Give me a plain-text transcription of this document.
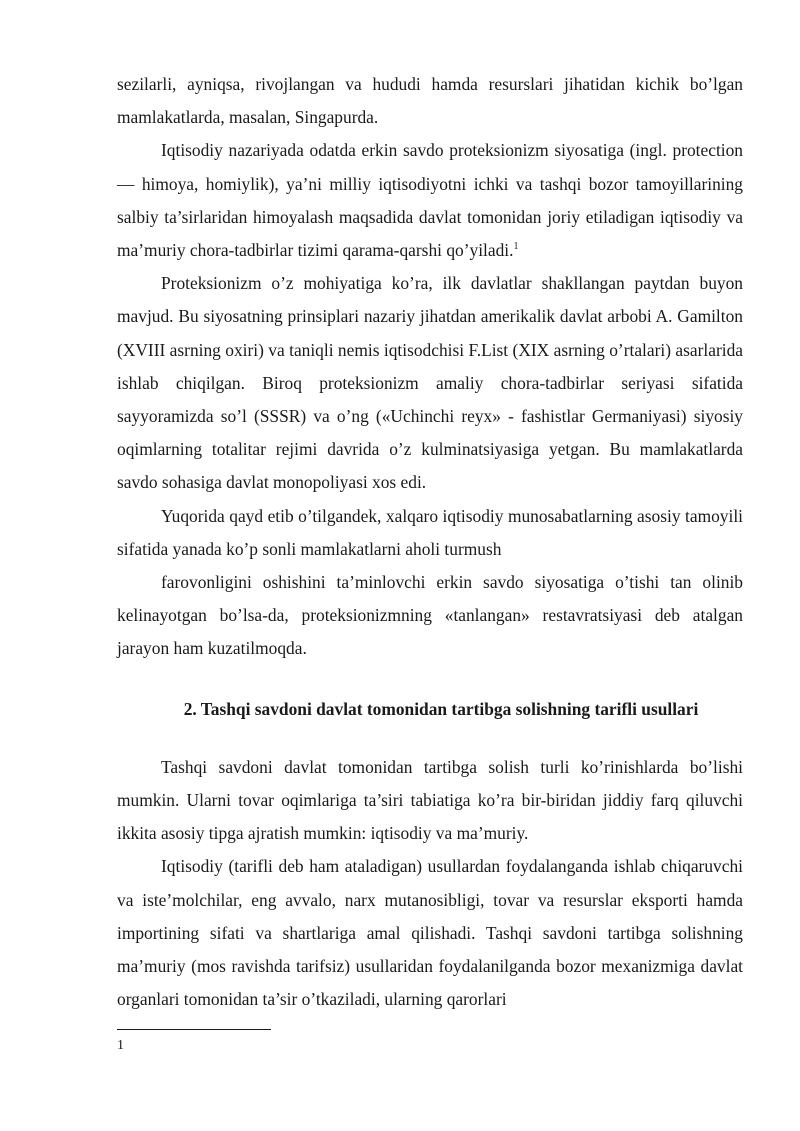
sezilarli, ayniqsa, rivojlangan va hududi hamda resurslari jihatidan kichik bo’lgan mamlakatlarda, masalan, Singapurda.

Iqtisodiy nazariyada odatda erkin savdo proteksionizm siyosatiga (ingl. protection — himoya, homiylik), ya’ni milliy iqtisodiyotni ichki va tashqi bozor tamoyillarining salbiy ta’sirlaridan himoyalash maqsadida davlat tomonidan joriy etiladigan iqtisodiy va ma’muriy chora-tadbirlar tizimi qarama-qarshi qo’yiladi.$^1$

Proteksionizm o’z mohiyatiga ko’ra, ilk davlatlar shakllangan paytdan buyon mavjud. Bu siyosatning prinsiplari nazariy jihatdan amerikalik davlat arbobi A. Gamilton (XVIII asrning oxiri) va taniqli nemis iqtisodchisi F.List (XIX asrning o’rtalari) asarlarida ishlab chiqilgan. Biroq proteksionizm amaliy chora-tadbirlar seriyasi sifatida sayyoramizda so’l (SSSR) va o’ng («Uchinchi reyx» - fashistlar Germaniyasi) siyosiy oqimlarning totalitar rejimi davrida o’z kulminatsiyasiga yetgan. Bu mamlakatlarda savdo sohasiga davlat monopoliyasi xos edi.

Yuqorida qayd etib o’tilgandek, xalqaro iqtisodiy munosabatlarning asosiy tamoyili sifatida yanada ko’p sonli mamlakatlarni aholi turmush

farovonligini oshishini ta’minlovchi erkin savdo siyosatiga o’tishi tan olinib kelinayotgan bo’lsa-da, proteksionizmning «tanlangan» restavratsiyasi deb atalgan jarayon ham kuzatilmoqda.

2. Tashqi savdoni davlat tomonidan tartibga solishning tarifli usullari

Tashqi savdoni davlat tomonidan tartibga solish turli ko’rinishlarda bo’lishi mumkin. Ularni tovar oqimlariga ta’siri tabiatiga ko’ra bir-biridan jiddiy farq qiluvchi ikkita asosiy tipga ajratish mumkin: iqtisodiy va ma’muriy.

Iqtisodiy (tarifli deb ham ataladigan) usullardan foydalanganda ishlab chiqaruvchi va iste’molchilar, eng avvalo, narx mutanosibligi, tovar va resurslar eksporti hamda importining sifati va shartlariga amal qilishadi. Tashqi savdoni tartibga solishning ma’muriy (mos ravishda tarifsiz) usullaridan foydalanilganda bozor mexanizmiga davlat organlari tomonidan ta’sir o’tkaziladi, ularning qarorlari

1
